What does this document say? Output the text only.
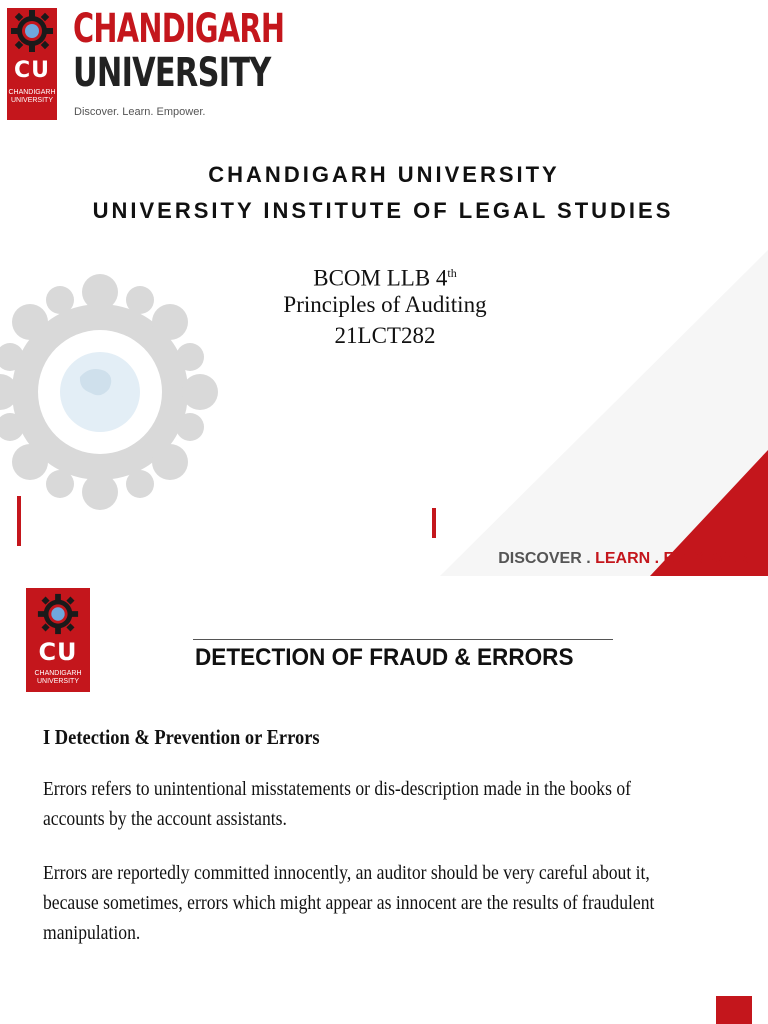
CU
CHANDIGARH UNIVERSITY
CHANDIGARH
UNIVERSITY
Discover. Learn. Empower.
CHANDIGARH UNIVERSITY
UNIVERSITY INSTITUTE OF LEGAL STUDIES
BCOM LLB 4th
Principles of Auditing
21LCT282
DISCOVER . LEARN . EMPOWER
CU
CHANDIGARH UNIVERSITY
DETECTION OF FRAUD & ERRORS
I Detection & Prevention or Errors
Errors refers to unintentional misstatements or dis-description made in the books of accounts by the account assistants.
Errors are reportedly committed innocently, an auditor should be very careful about it, because sometimes, errors which might appear as innocent are the results of fraudulent manipulation.
